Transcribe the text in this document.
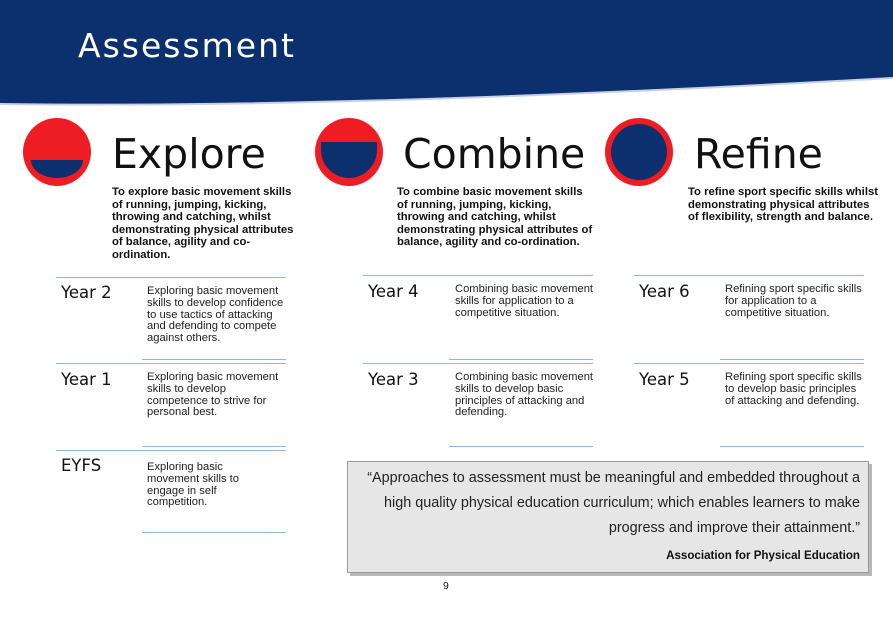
Assessment
Explore	Combine	Refine
To explore basic movement skills of running, jumping, kicking, throwing and catching, whilst demonstrating physical attributes of balance, agility and co-ordination.
To combine basic movement skills of running, jumping, kicking, throwing and catching, whilst demonstrating physical attributes of balance, agility and co-ordination.
To refine sport specific skills whilst demonstrating physical attributes of flexibility, strength and balance.
Year 2	Exploring basic movement skills to develop confidence to use tactics of attacking and defending to compete against others.
Year 1	Exploring basic movement skills to develop competence to strive for personal best.
EYFS	Exploring basic movement skills to engage in self competition.
Year 4	Combining basic movement skills for application to a competitive situation.
Year 3	Combining basic movement skills to develop basic principles of attacking and defending.
Year 6	Refining sport specific skills for application to a competitive situation.
Year 5	Refining sport specific skills to develop basic principles of attacking and defending.
“Approaches to assessment must be meaningful and embedded throughout a high quality physical education curriculum; which enables learners to make progress and improve their attainment.”
Association for Physical Education
9
